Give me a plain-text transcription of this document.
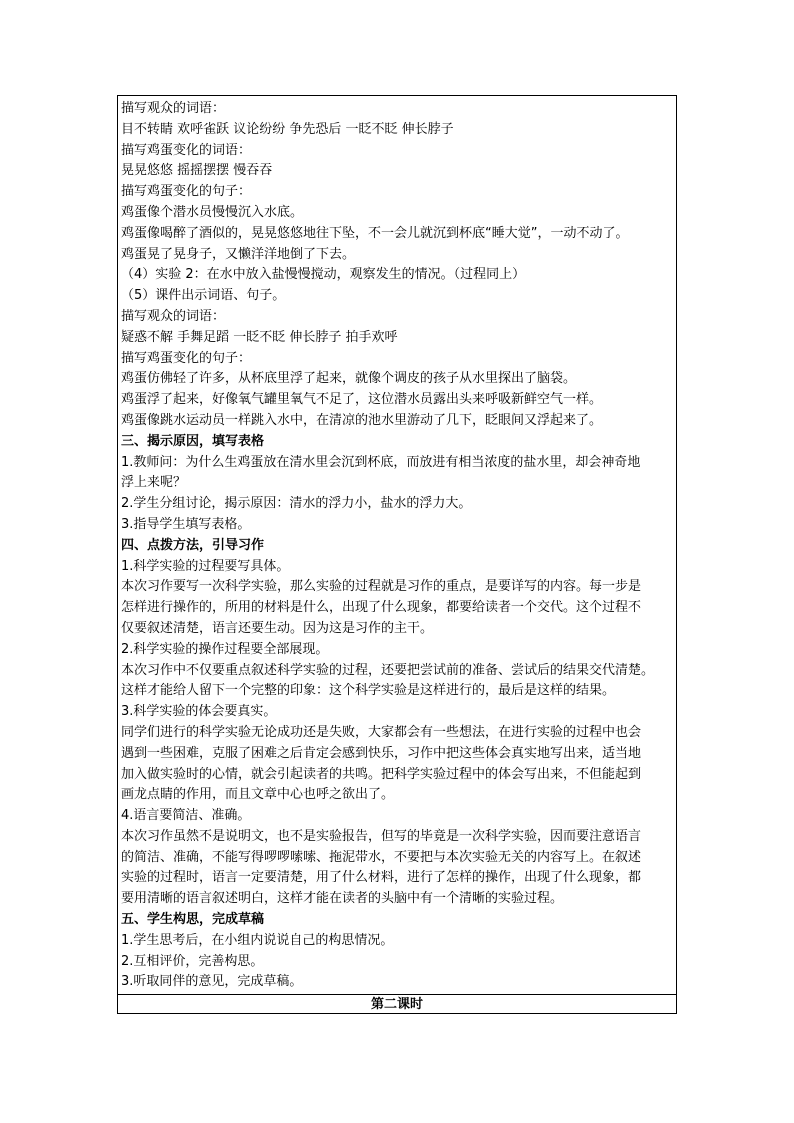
描写观众的词语：
目不转睛 欢呼雀跃 议论纷纷 争先恐后 一眨不眨 伸长脖子
描写鸡蛋变化的词语：
晃晃悠悠 摇摇摆摆 慢吞吞
描写鸡蛋变化的句子：
鸡蛋像个潜水员慢慢沉入水底。
鸡蛋像喝醉了酒似的，晃晃悠悠地往下坠，不一会儿就沉到杯底“睡大觉”，一动不动了。
鸡蛋晃了晃身子，又懒洋洋地倒了下去。
（4）实验 2：在水中放入盐慢慢搅动，观察发生的情况。（过程同上）
（5）课件出示词语、句子。
描写观众的词语：
疑惑不解 手舞足蹈 一眨不眨 伸长脖子 拍手欢呼
描写鸡蛋变化的句子：
鸡蛋仿佛轻了许多，从杯底里浮了起来，就像个调皮的孩子从水里探出了脑袋。
鸡蛋浮了起来，好像氧气罐里氧气不足了，这位潜水员露出头来呼吸新鲜空气一样。
鸡蛋像跳水运动员一样跳入水中，在清凉的池水里游动了几下，眨眼间又浮起来了。
三、揭示原因，填写表格
1.教师问：为什么生鸡蛋放在清水里会沉到杯底，而放进有相当浓度的盐水里，却会神奇地
浮上来呢？
2.学生分组讨论，揭示原因：清水的浮力小，盐水的浮力大。
3.指导学生填写表格。
四、点拨方法，引导习作
1.科学实验的过程要写具体。
本次习作要写一次科学实验，那么实验的过程就是习作的重点，是要详写的内容。每一步是
怎样进行操作的，所用的材料是什么，出现了什么现象，都要给读者一个交代。这个过程不
仅要叙述清楚，语言还要生动。因为这是习作的主干。
2.科学实验的操作过程要全部展现。
本次习作中不仅要重点叙述科学实验的过程，还要把尝试前的准备、尝试后的结果交代清楚。
这样才能给人留下一个完整的印象：这个科学实验是这样进行的，最后是这样的结果。
3.科学实验的体会要真实。
同学们进行的科学实验无论成功还是失败，大家都会有一些想法，在进行实验的过程中也会
遇到一些困难，克服了困难之后肯定会感到快乐，习作中把这些体会真实地写出来，适当地
加入做实验时的心情，就会引起读者的共鸣。把科学实验过程中的体会写出来，不但能起到
画龙点睛的作用，而且文章中心也呼之欲出了。
4.语言要简洁、准确。
本次习作虽然不是说明文，也不是实验报告，但写的毕竟是一次科学实验，因而要注意语言
的简洁、准确，不能写得啰啰嗦嗦、拖泥带水，不要把与本次实验无关的内容写上。在叙述
实验的过程时，语言一定要清楚，用了什么材料，进行了怎样的操作，出现了什么现象，都
要用清晰的语言叙述明白，这样才能在读者的头脑中有一个清晰的实验过程。
五、学生构思，完成草稿
1.学生思考后，在小组内说说自己的构思情况。
2.互相评价，完善构思。
3.听取同伴的意见，完成草稿。
第二课时
